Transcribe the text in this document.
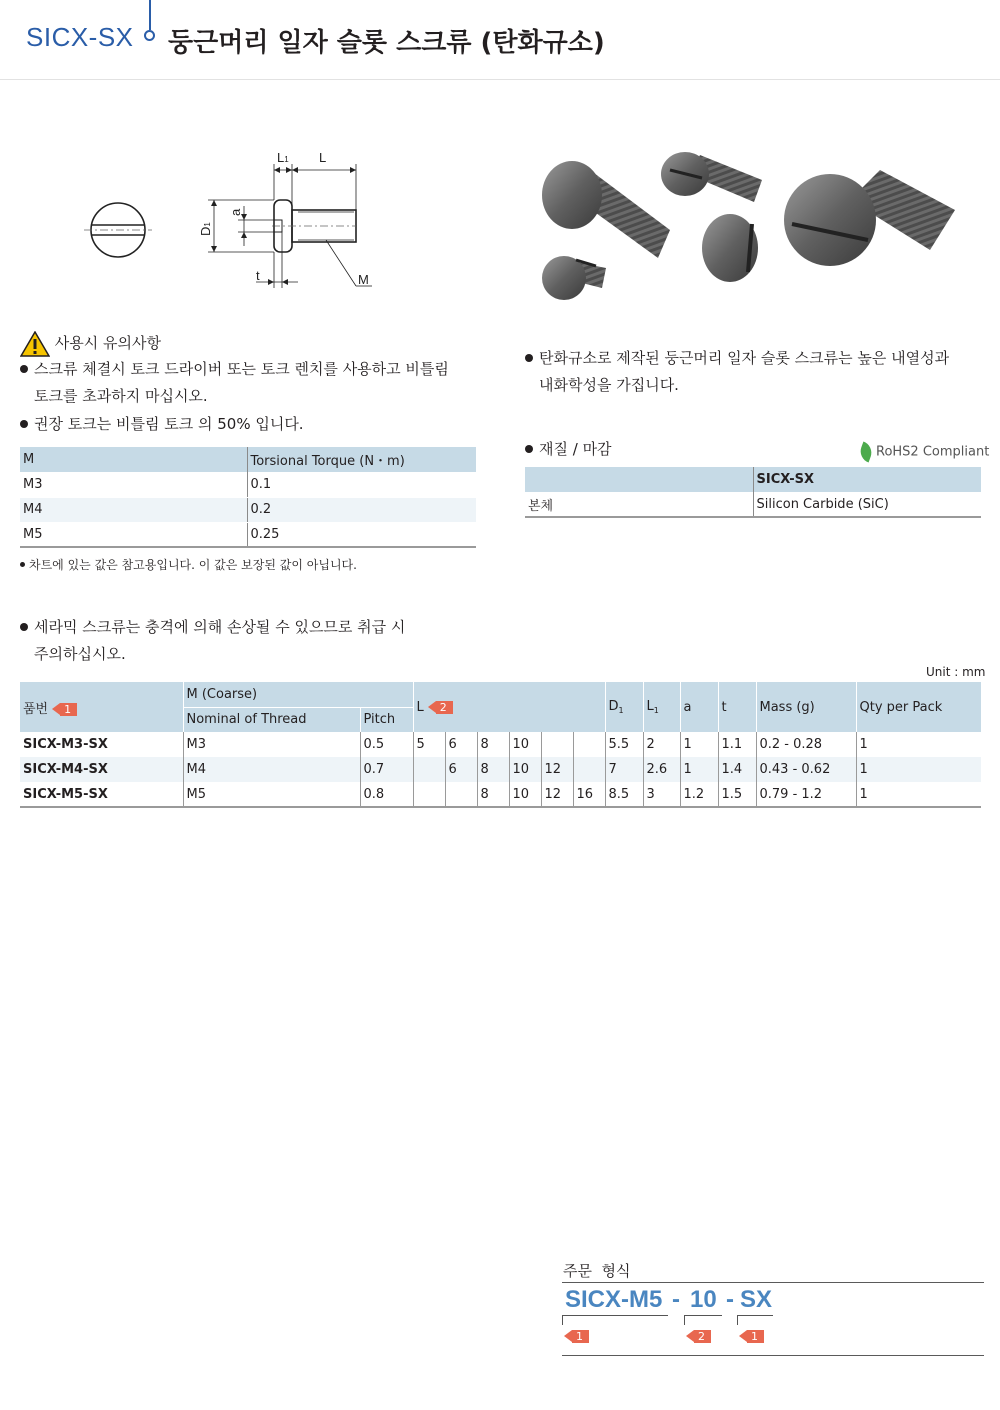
SICX-SX 둥근머리 일자 슬롯 스크류 (탄화규소)
L1 L
D1
a
t	M
사용시 유의사항
스크류 체결시 토크 드라이버 또는 토크 렌치를 사용하고 비틀림
토크를 초과하지 마십시오.
권장 토크는 비틀림 토크 의 50% 입니다.
M	Torsional Torque (N・m)
M3	0.1
M4	0.2
M5	0.25
차트에 있는 값은 참고용입니다. 이 값은 보장된 값이 아닙니다.
세라믹 스크류는 충격에 의해 손상될 수 있으므로 취급 시
주의하십시오.
탄화규소로 제작된 둥근머리 일자 슬롯 스크류는 높은 내열성과
내화학성을 가집니다.
재질 / 마감	RoHS2 Compliant
	SICX-SX
본체	Silicon Carbide (SiC)
Unit : mm
품번 1	M (Coarse)		L 2						$D_1$	$L_1$	a	t	Mass (g)	Qty per Pack
	Nominal of Thread	Pitch												
SICX-M3-SX	M3	0.5	5	6	8	10			5.5	2	1	1.1	0.2 - 0.28	1
SICX-M4-SX	M4	0.7		6	8	10	12		7	2.6	1	1.4	0.43 - 0.62	1
SICX-M5-SX	M5	0.8			8	10	12	16	8.5	3	1.2	1.5	0.79 - 1.2	1
주문  형식
SICX-M5 - 10 - SX
1	2	1
